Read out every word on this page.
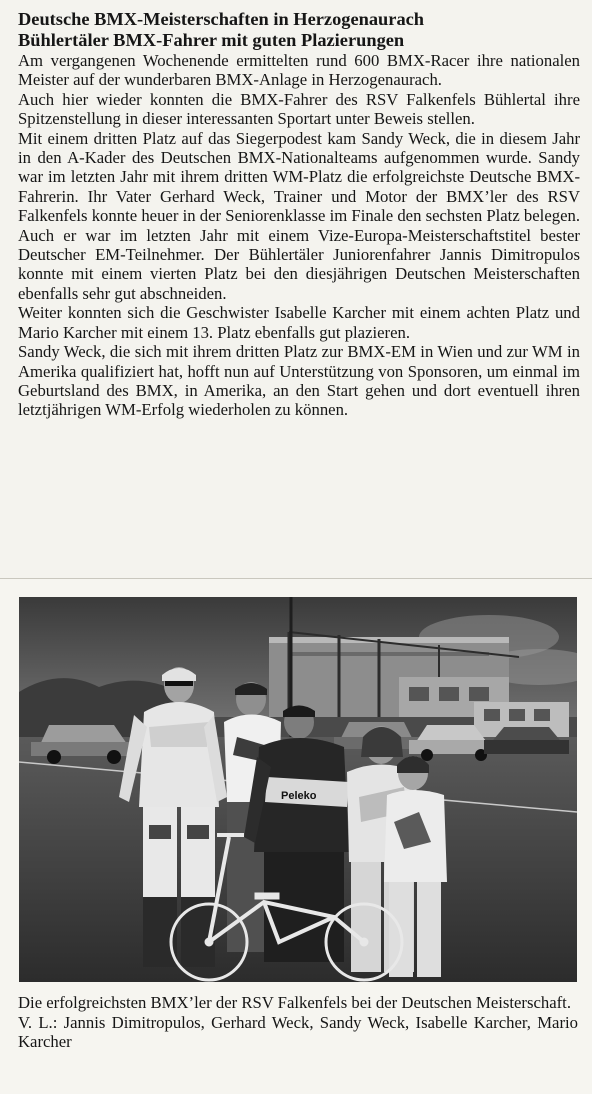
Deutsche BMX-Meisterschaften in Herzogenaurach
Bühlertäler BMX-Fahrer mit guten Plazierungen

Am vergangenen Wochenende ermittelten rund 600 BMX-Racer ihre nationalen Meister auf der wunderbaren BMX-Anlage in Herzogenaurach.

Auch hier wieder konnten die BMX-Fahrer des RSV Falkenfels Bühlertal ihre Spitzenstellung in dieser interessanten Sportart unter Beweis stellen.

Mit einem dritten Platz auf das Siegerpodest kam Sandy Weck, die in diesem Jahr in den A-Kader des Deutschen BMX-Nationalteams aufgenommen wurde. Sandy war im letzten Jahr mit ihrem dritten WM-Platz die erfolgreichste Deutsche BMX-Fahrerin. Ihr Vater Gerhard Weck, Trainer und Motor der BMX’ler des RSV Falkenfels konnte heuer in der Seniorenklasse im Finale den sechsten Platz belegen. Auch er war im letzten Jahr mit einem Vize-Europa-Meisterschaftstitel bester Deutscher EM-Teilnehmer. Der Bühlertäler Juniorenfahrer Jannis Dimitropulos konnte mit einem vierten Platz bei den diesjährigen Deutschen Meisterschaften ebenfalls sehr gut abschneiden.

Weiter konnten sich die Geschwister Isabelle Karcher mit einem achten Platz und Mario Karcher mit einem 13. Platz ebenfalls gut plazieren.

Sandy Weck, die sich mit ihrem dritten Platz zur BMX-EM in Wien und zur WM in Amerika qualifiziert hat, hofft nun auf Unterstützung von Sponsoren, um einmal im Geburtsland des BMX, in Amerika, an den Start gehen und dort eventuell ihren letztjährigen WM-Erfolg wiederholen zu können.

Peleko

Die erfolgreichsten BMX’ler der RSV Falkenfels bei der Deutschen Meisterschaft.

V. L.: Jannis Dimitropulos, Gerhard Weck, Sandy Weck, Isabelle Karcher, Mario Karcher
